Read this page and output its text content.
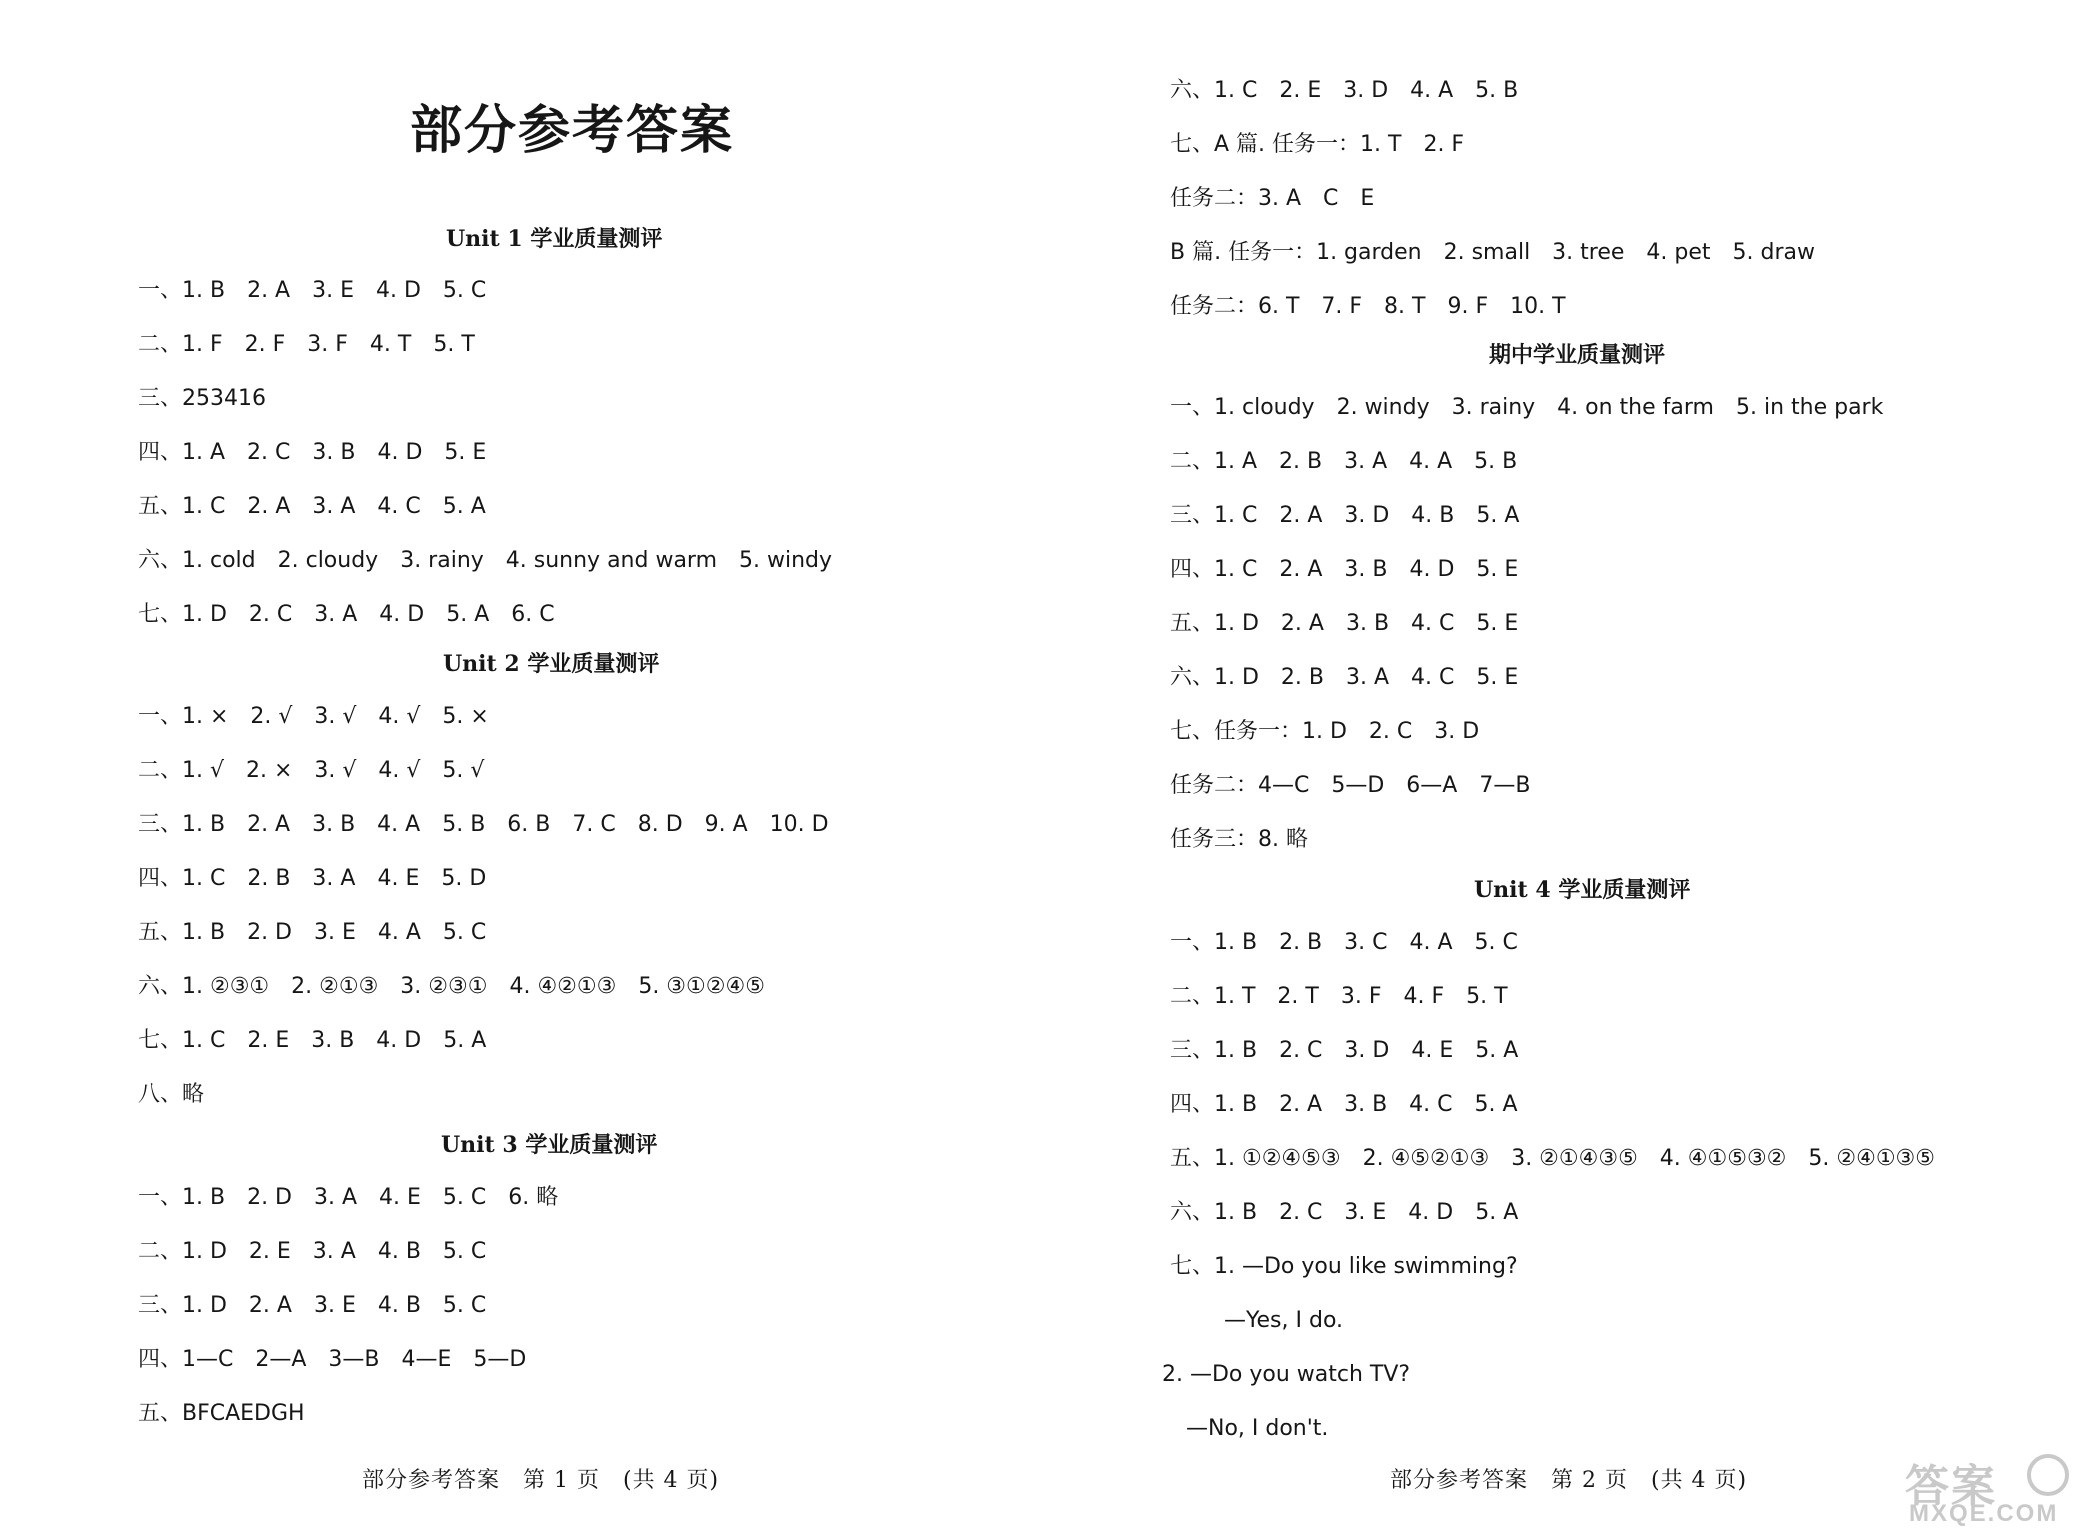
部分参考答案
Unit 1 学业质量测评
一、1. B　2. A　3. E　4. D　5. C
二、1. F　2. F　3. F　4. T　5. T
三、253416
四、1. A　2. C　3. B　4. D　5. E
五、1. C　2. A　3. A　4. C　5. A
六、1. cold　2. cloudy　3. rainy　4. sunny and warm　5. windy
七、1. D　2. C　3. A　4. D　5. A　6. C
Unit 2 学业质量测评
一、1. ×　2. √　3. √　4. √　5. ×
二、1. √　2. ×　3. √　4. √　5. √
三、1. B　2. A　3. B　4. A　5. B　6. B　7. C　8. D　9. A　10. D
四、1. C　2. B　3. A　4. E　5. D
五、1. B　2. D　3. E　4. A　5. C
六、1. ②③①　2. ②①③　3. ②③①　4. ④②①③　5. ③①②④⑤
七、1. C　2. E　3. B　4. D　5. A
八、略
Unit 3 学业质量测评
一、1. B　2. D　3. A　4. E　5. C　6. 略
二、1. D　2. E　3. A　4. B　5. C
三、1. D　2. A　3. E　4. B　5. C
四、1—C　2—A　3—B　4—E　5—D
五、BFCAEDGH
部分参考答案　第 1 页　(共 4 页)
六、1. C　2. E　3. D　4. A　5. B
七、A 篇. 任务一：1. T　2. F
任务二：3. A　C　E
B 篇. 任务一：1. garden　2. small　3. tree　4. pet　5. draw
任务二：6. T　7. F　8. T　9. F　10. T
期中学业质量测评
一、1. cloudy　2. windy　3. rainy　4. on the farm　5. in the park
二、1. A　2. B　3. A　4. A　5. B
三、1. C　2. A　3. D　4. B　5. A
四、1. C　2. A　3. B　4. D　5. E
五、1. D　2. A　3. B　4. C　5. E
六、1. D　2. B　3. A　4. C　5. E
七、任务一：1. D　2. C　3. D
任务二：4—C　5—D　6—A　7—B
任务三：8. 略
Unit 4 学业质量测评
一、1. B　2. B　3. C　4. A　5. C
二、1. T　2. T　3. F　4. F　5. T
三、1. B　2. C　3. D　4. E　5. A
四、1. B　2. A　3. B　4. C　5. A
五、1. ①②④⑤③　2. ④⑤②①③　3. ②①④③⑤　4. ④①⑤③②　5. ②④①③⑤
六、1. B　2. C　3. E　4. D　5. A
七、1. —Do you like swimming?
—Yes, I do.
2. —Do you watch TV?
—No, I don't.
部分参考答案　第 2 页　(共 4 页)	答案
MXQE.COM
